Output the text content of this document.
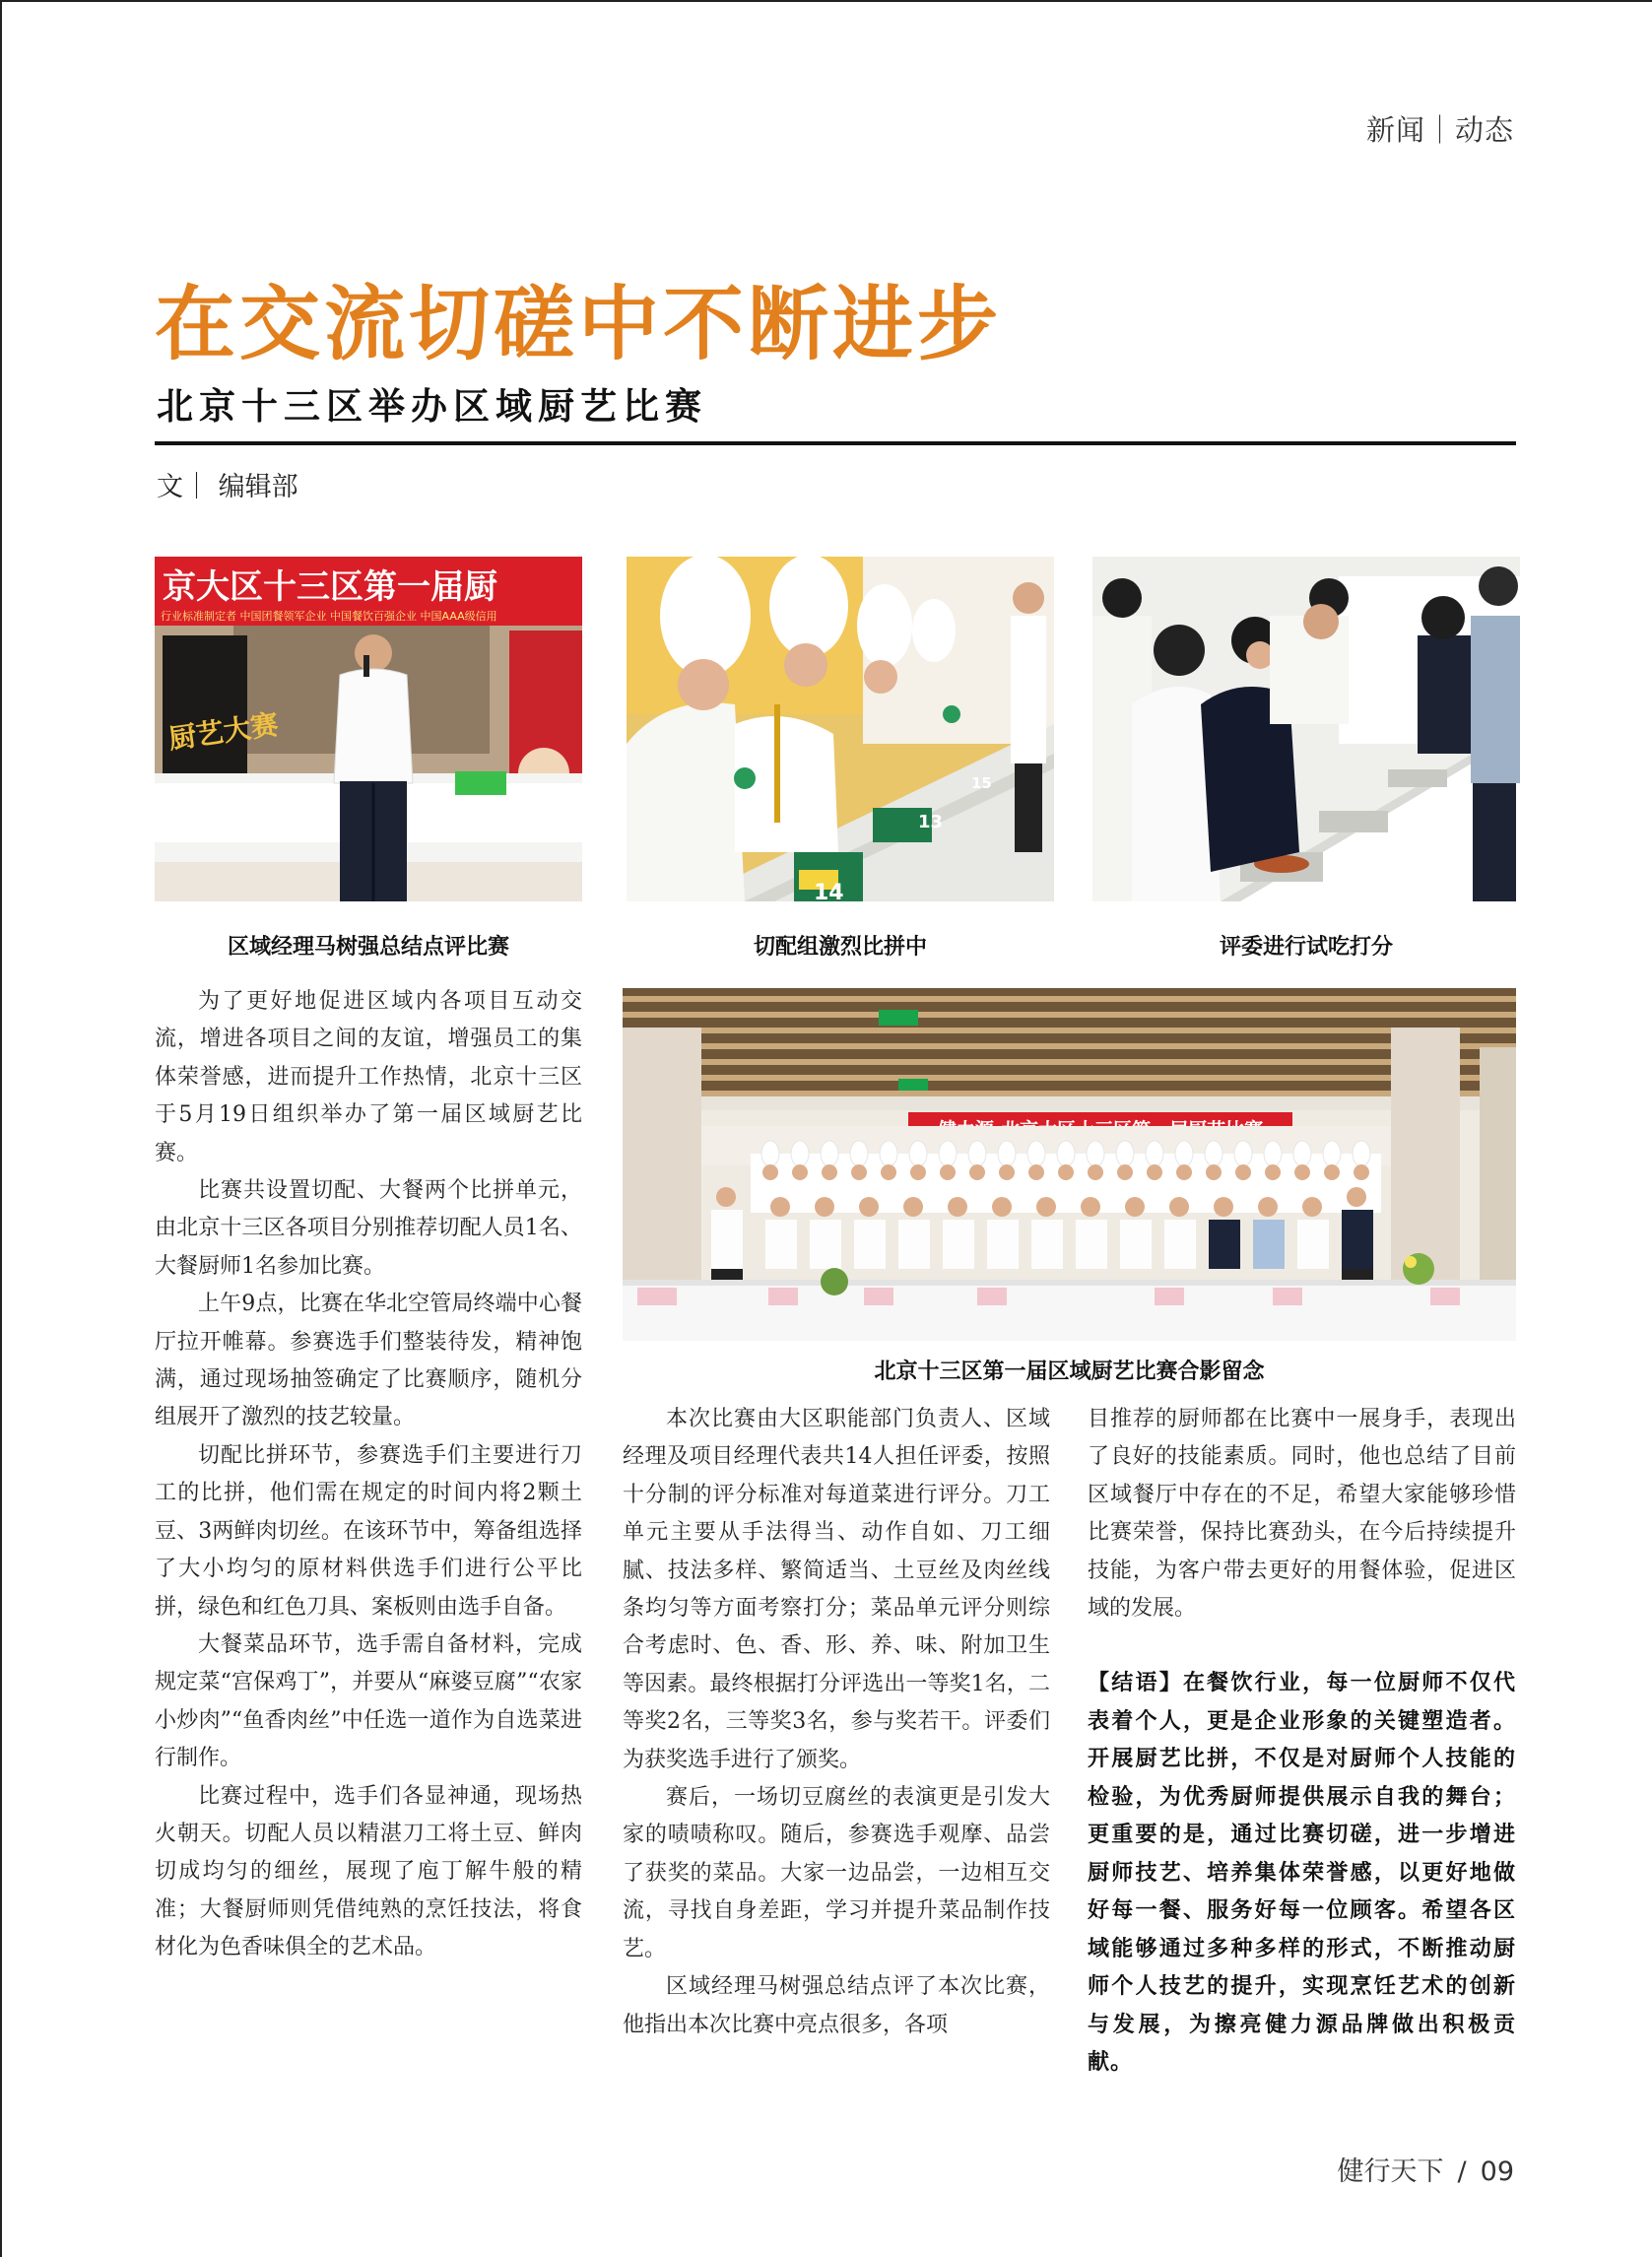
新闻｜动态
在交流切磋中不断进步
北京十三区举办区域厨艺比赛
文｜ 编辑部
京大区十三区第一届厨
行业标准制定者 中国团餐领军企业 中国餐饮百强企业 中国AAA级信用
厨艺大赛
区域经理马树强总结点评比赛
14
13
15
切配组激烈比拼中	评委进行试吃打分
北京十三区第一届区域厨艺比赛合影留念

为了更好地促进区域内各项目互动交流，增进各项目之间的友谊，增强员工的集体荣誉感，进而提升工作热情，北京十三区于5月19日组织举办了第一届区域厨艺比赛。

比赛共设置切配、大餐两个比拼单元，由北京十三区各项目分别推荐切配人员1名、大餐厨师1名参加比赛。

上午9点，比赛在华北空管局终端中心餐厅拉开帷幕。参赛选手们整装待发，精神饱满，通过现场抽签确定了比赛顺序，随机分组展开了激烈的技艺较量。

切配比拼环节，参赛选手们主要进行刀工的比拼，他们需在规定的时间内将2颗土豆、3两鲜肉切丝。在该环节中，筹备组选择了大小均匀的原材料供选手们进行公平比拼，绿色和红色刀具、案板则由选手自备。

大餐菜品环节，选手需自备材料，完成规定菜“宫保鸡丁”，并要从“麻婆豆腐”“农家小炒肉”“鱼香肉丝”中任选一道作为自选菜进行制作。

比赛过程中，选手们各显神通，现场热火朝天。切配人员以精湛刀工将土豆、鲜肉切成均匀的细丝，展现了庖丁解牛般的精准；大餐厨师则凭借纯熟的烹饪技法，将食材化为色香味俱全的艺术品。

本次比赛由大区职能部门负责人、区域经理及项目经理代表共14人担任评委，按照十分制的评分标准对每道菜进行评分。刀工单元主要从手法得当、动作自如、刀工细腻、技法多样、繁简适当、土豆丝及肉丝线条均匀等方面考察打分；菜品单元评分则综合考虑时、色、香、形、养、味、附加卫生等因素。最终根据打分评选出一等奖1名，二等奖2名，三等奖3名，参与奖若干。评委们为获奖选手进行了颁奖。

赛后，一场切豆腐丝的表演更是引发大家的啧啧称叹。随后，参赛选手观摩、品尝了获奖的菜品。大家一边品尝，一边相互交流，寻找自身差距，学习并提升菜品制作技艺。

区域经理马树强总结点评了本次比赛，他指出本次比赛中亮点很多，各项

目推荐的厨师都在比赛中一展身手，表现出了良好的技能素质。同时，他也总结了目前区域餐厅中存在的不足，希望大家能够珍惜比赛荣誉，保持比赛劲头，在今后持续提升技能，为客户带去更好的用餐体验，促进区域的发展。

【结语】在餐饮行业，每一位厨师不仅代表着个人，更是企业形象的关键塑造者。开展厨艺比拼，不仅是对厨师个人技能的检验，为优秀厨师提供展示自我的舞台；更重要的是，通过比赛切磋，进一步增进厨师技艺、培养集体荣誉感，以更好地做好每一餐、服务好每一位顾客。希望各区域能够通过多种多样的形式，不断推动厨师个人技艺的提升，实现烹饪艺术的创新与发展，为擦亮健力源品牌做出积极贡献。
健行天下 / 09
